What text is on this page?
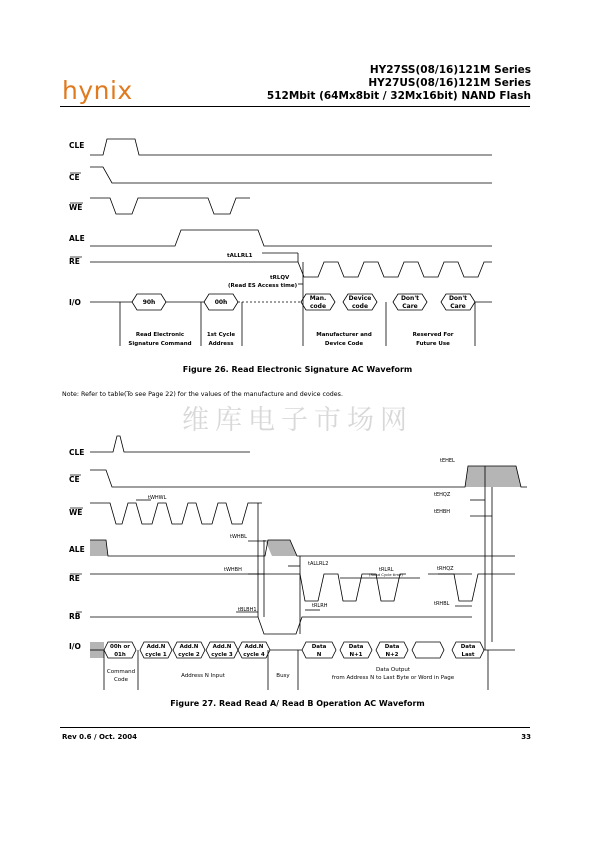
hynix
HY27SS(08/16)121M Series
HY27US(08/16)121M Series
512Mbit (64Mx8bit / 32Mx16bit) NAND Flash
CLE
CE
WE
ALE
RE
I/O
tALLRL1
tRLQV
(Read ES Access time)
90h	00h
Man.
code
Device
code
Don't
Care
Don't
Care
Read Electronic
Signature Command
1st Cycle
Address
Manufacturer and
Device Code
Reserved For
Future Use
Figure 26. Read Electronic Signature AC Waveform
Note: Refer to table(To see Page 22) for the values of the manufacture and device codes.
维库电子市场网
CLE
CE
WE
ALE
RE
RB
I/O
tEHEL
tEHQZ
tEHBH
tWHWL
tWHBL
tALLRL2
tWHBH	tRLRL
(Read Cycle time)
tRHQZ
tRLRH	tRHBL
tBLBH1
00h or
01h
Add.N
cycle 1
Add.N
cycle 2
Add.N
cycle 3
Add.N
cycle 4
Data
N
Data
N+1
Data
N+2
Data
Last
Command
Code
Address N Input	Busy
Data Output
from Address N to Last Byte or Word in Page
Figure 27. Read Read A/ Read B Operation AC Waveform
Rev 0.6 / Oct. 2004	33
